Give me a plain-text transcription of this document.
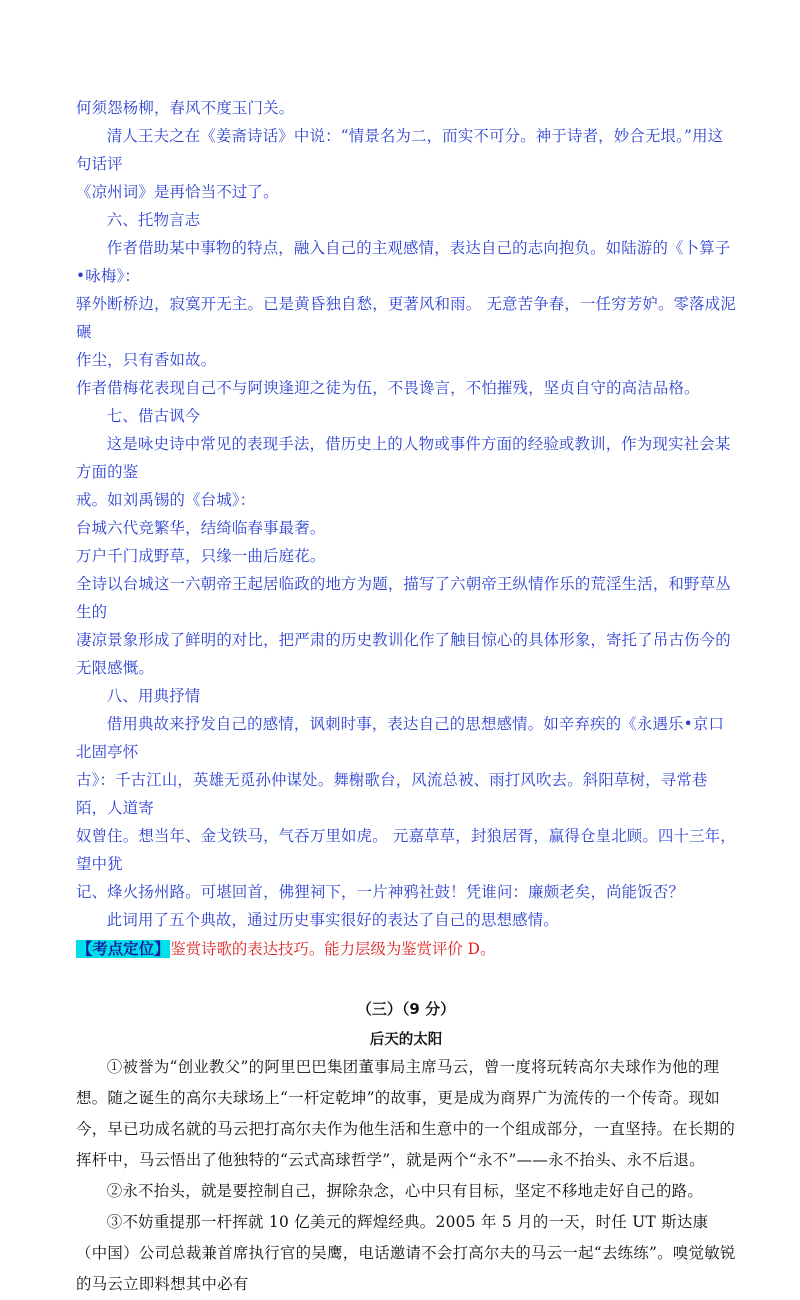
何须怨杨柳，春风不度玉门关。

清人王夫之在《姜斋诗话》中说：“情景名为二，而实不可分。神于诗者，妙合无垠。”用这句话评

《凉州词》是再恰当不过了。

六、托物言志

作者借助某中事物的特点，融入自己的主观感情，表达自己的志向抱负。如陆游的《卜算子•咏梅》：

驿外断桥边，寂寞开无主。已是黄昏独自愁，更著风和雨。 无意苦争春，一任穷芳妒。零落成泥碾

作尘，只有香如故。

作者借梅花表现自己不与阿谀逢迎之徒为伍，不畏谗言，不怕摧残，坚贞自守的高洁品格。

七、借古讽今

这是咏史诗中常见的表现手法，借历史上的人物或事件方面的经验或教训，作为现实社会某方面的鉴

戒。如刘禹锡的《台城》：

台城六代竞繁华，结绮临春事最奢。

万户千门成野草，只缘一曲后庭花。

全诗以台城这一六朝帝王起居临政的地方为题，描写了六朝帝王纵情作乐的荒淫生活，和野草丛生的

凄凉景象形成了鲜明的对比，把严肃的历史教训化作了触目惊心的具体形象，寄托了吊古伤今的无限感慨。

八、用典抒情

借用典故来抒发自己的感情，讽刺时事，表达自己的思想感情。如辛弃疾的《永遇乐•京口北固亭怀

古》：千古江山，英雄无觅孙仲谋处。舞榭歌台，风流总被、雨打风吹去。斜阳草树，寻常巷陌，人道寄

奴曾住。想当年、金戈铁马，气吞万里如虎。 元嘉草草，封狼居胥，赢得仓皇北顾。四十三年，望中犹

记、烽火扬州路。可堪回首，佛狸祠下，一片神鸦社鼓！凭谁问：廉颇老矣，尚能饭否？

此词用了五个典故，通过历史事实很好的表达了自己的思想感情。

【考点定位】鉴赏诗歌的表达技巧。能力层级为鉴赏评价 D。
（三）（9 分）
后天的太阳

①被誉为“创业教父”的阿里巴巴集团董事局主席马云，曾一度将玩转高尔夫球作为他的理想。随之诞生的高尔夫球场上“一杆定乾坤”的故事，更是成为商界广为流传的一个传奇。现如今，早已功成名就的马云把打高尔夫作为他生活和生意中的一个组成部分，一直坚持。在长期的挥杆中，马云悟出了他独特的“云式高球哲学”，就是两个“永不”——永不抬头、永不后退。

②永不抬头，就是要控制自己，摒除杂念，心中只有目标，坚定不移地走好自己的路。

③不妨重提那一杆挥就 10 亿美元的辉煌经典。2005 年 5 月的一天，时任 UT 斯达康（中国）公司总裁兼首席执行官的吴鹰，电话邀请不会打高尔夫的马云一起“去练练”。嗅觉敏锐的马云立即料想其中必有
